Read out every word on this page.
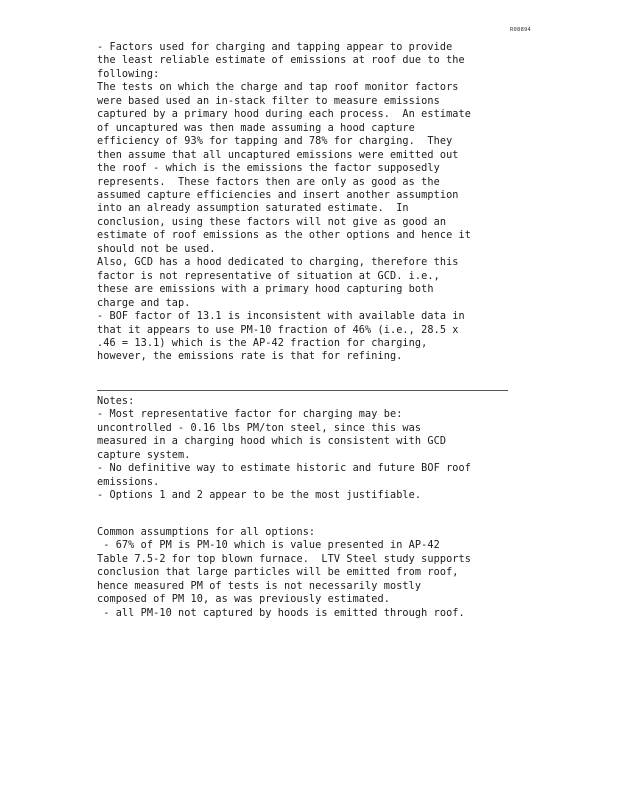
R08894
- Factors used for charging and tapping appear to provide
the least reliable estimate of emissions at roof due to the
following:
The tests on which the charge and tap roof monitor factors
were based used an in-stack filter to measure emissions
captured by a primary hood during each process.  An estimate
of uncaptured was then made assuming a hood capture
efficiency of 93% for tapping and 78% for charging.  They
then assume that all uncaptured emissions were emitted out
the roof - which is the emissions the factor supposedly
represents.  These factors then are only as good as the
assumed capture efficiencies and insert another assumption
into an already assumption saturated estimate.  In
conclusion, using these factors will not give as good an
estimate of roof emissions as the other options and hence it
should not be used.
Also, GCD has a hood dedicated to charging, therefore this
factor is not representative of situation at GCD. i.e.,
these are emissions with a primary hood capturing both
charge and tap.
- BOF factor of 13.1 is inconsistent with available data in
that it appears to use PM-10 fraction of 46% (i.e., 28.5 x
.46 = 13.1) which is the AP-42 fraction for charging,
however, the emissions rate is that for refining.
Notes:
- Most representative factor for charging may be:
uncontrolled - 0.16 lbs PM/ton steel, since this was
measured in a charging hood which is consistent with GCD
capture system.
- No definitive way to estimate historic and future BOF roof
emissions.
- Options 1 and 2 appear to be the most justifiable.
Common assumptions for all options:
- 67% of PM is PM-10 which is value presented in AP-42
Table 7.5-2 for top blown furnace.  LTV Steel study supports
conclusion that large particles will be emitted from roof,
hence measured PM of tests is not necessarily mostly
composed of PM 10, as was previously estimated.
- all PM-10 not captured by hoods is emitted through roof.
